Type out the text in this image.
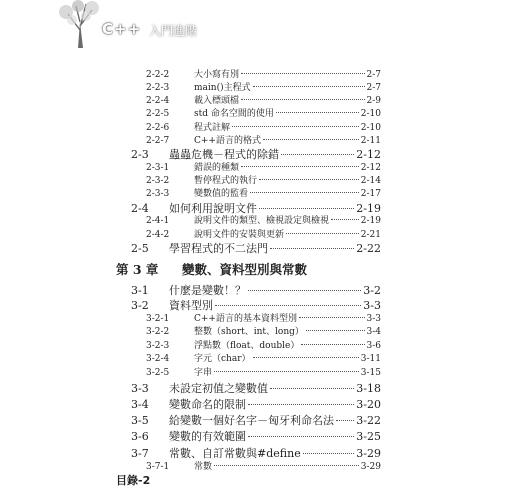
C++ 入門進階
2-2-2	大小寫有別	2-7
2-2-3	main()主程式	2-7
2-2-4	載入標頭檔	2-9
2-2-5	std 命名空間的使用	2-10
2-2-6	程式註解	2-10
2-2-7	C++語言的格式	2-11
2-3	蟲蟲危機－程式的除錯	2-12
2-3-1	錯誤的種類	2-12
2-3-2	暫停程式的執行	2-14
2-3-3	變數值的監看	2-17
2-4	如何利用說明文件	2-19
2-4-1	說明文件的類型、檢視設定與檢視	2-19
2-4-2	說明文件的安裝與更新	2-21
2-5	學習程式的不二法門	2-22
第 3 章	變數、資料型別與常數
3-1	什麼是變數！？	3-2
3-2	資料型別	3-3
3-2-1	C++語言的基本資料型別	3-3
3-2-2	整數（short、int、long）	3-4
3-2-3	浮點數（float、double）	3-6
3-2-4	字元（char）	3-11
3-2-5	字串	3-15
3-3	未設定初值之變數值	3-18
3-4	變數命名的限制	3-20
3-5	給變數一個好名字－匈牙利命名法 3-22
3-6	變數的有效範圍	3-25
3-7	常數、自訂常數與#define	3-29
3-7-1	常數	3-29
目錄-2
